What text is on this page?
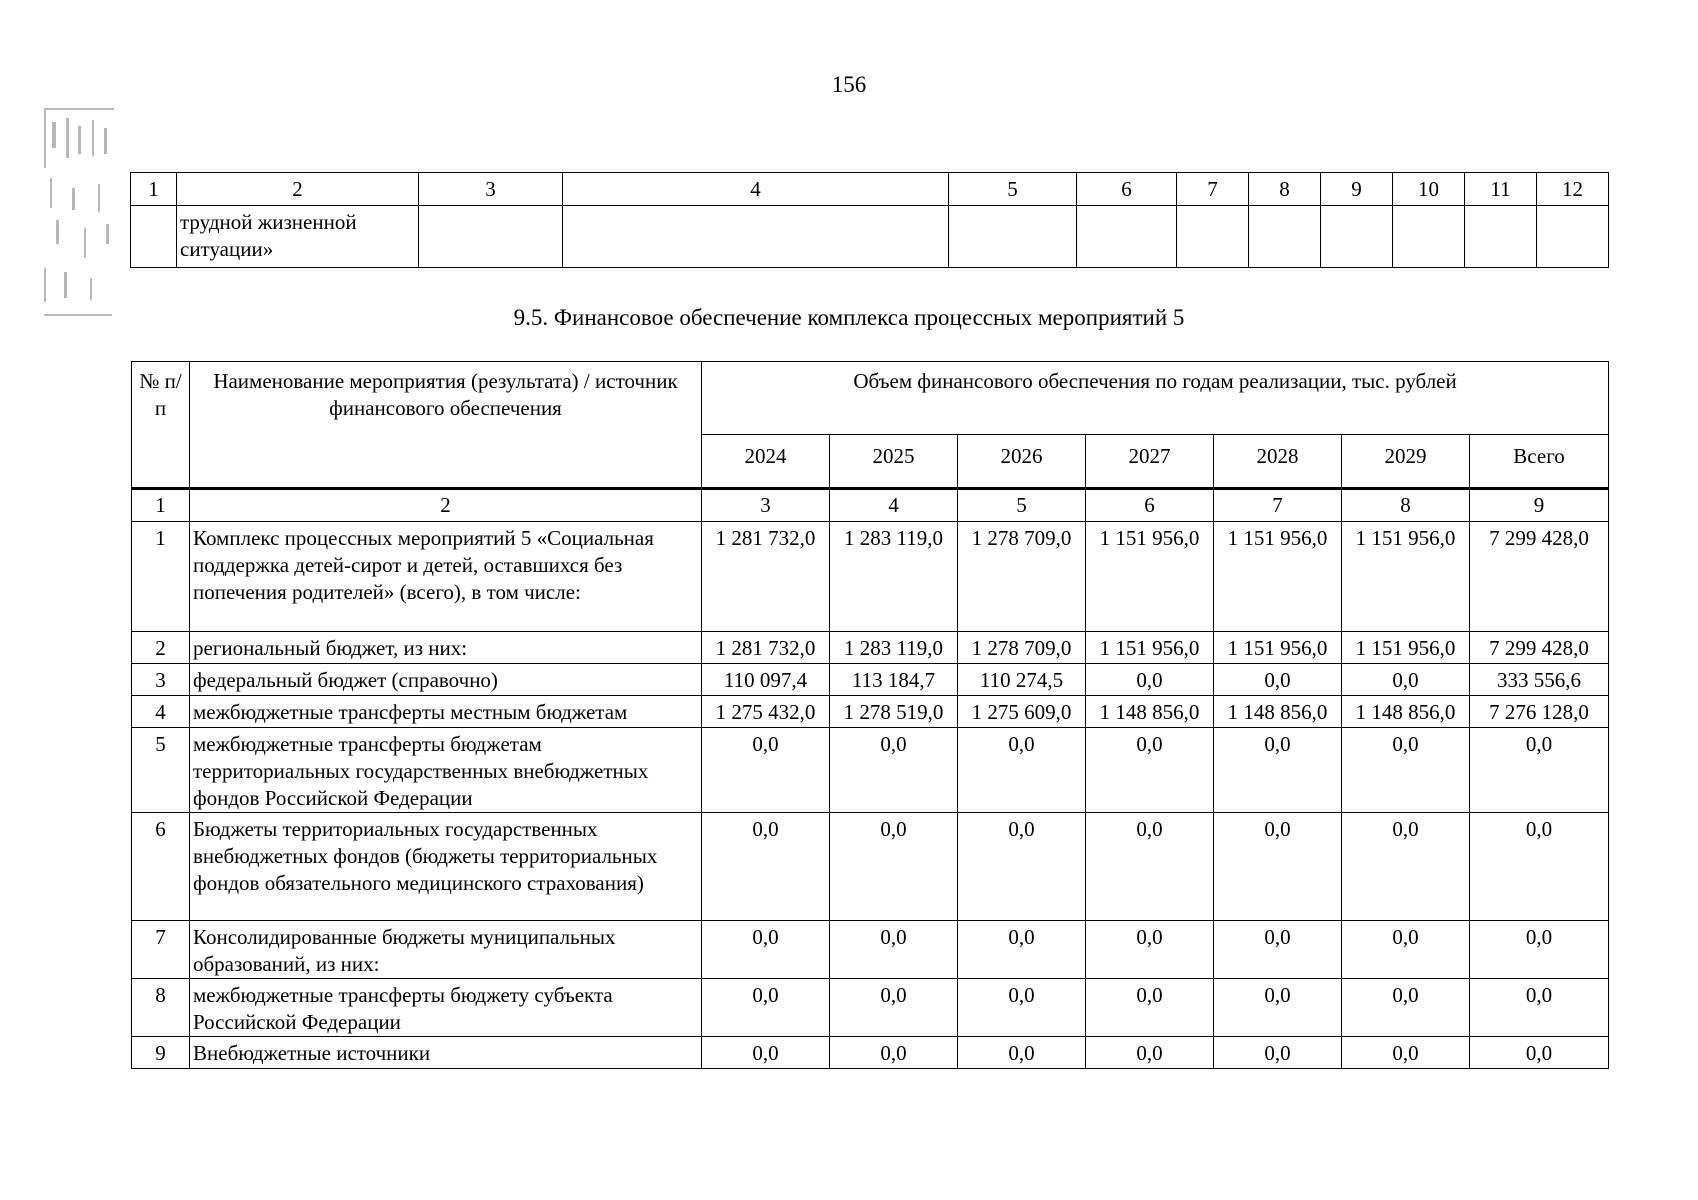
156
1	2	3	4	5	6	7	8	9	10	11	12
	трудной жизненной ситуации»										
9.5. Финансовое обеспечение комплекса процессных мероприятий 5
№ п/п	Наименование мероприятия (результата) / источник финансового обеспечения	Объем финансового обеспечения по годам реализации, тыс. рублей						
		2024	2025	2026	2027	2028	2029	Всего
1	2	3	4	5	6	7	8	9
1	Комплекс процессных мероприятий 5 «Социальная поддержка детей-сирот и детей, оставшихся без попечения родителей» (всего), в том числе:	1 281 732,0	1 283 119,0	1 278 709,0	1 151 956,0	1 151 956,0	1 151 956,0	7 299 428,0
2	региональный бюджет, из них:	1 281 732,0	1 283 119,0	1 278 709,0	1 151 956,0	1 151 956,0	1 151 956,0	7 299 428,0
3	федеральный бюджет (справочно)	110 097,4	113 184,7	110 274,5	0,0	0,0	0,0	333 556,6
4	межбюджетные трансферты местным бюджетам	1 275 432,0	1 278 519,0	1 275 609,0	1 148 856,0	1 148 856,0	1 148 856,0	7 276 128,0
5	межбюджетные трансферты бюджетам территориальных государственных внебюджетных фондов Российской Федерации	0,0	0,0	0,0	0,0	0,0	0,0	0,0
6	Бюджеты территориальных государственных внебюджетных фондов (бюджеты территориальных фондов обязательного медицинского страхования)	0,0	0,0	0,0	0,0	0,0	0,0	0,0
7	Консолидированные бюджеты муниципальных образований, из них:	0,0	0,0	0,0	0,0	0,0	0,0	0,0
8	межбюджетные трансферты бюджету субъекта Российской Федерации	0,0	0,0	0,0	0,0	0,0	0,0	0,0
9	Внебюджетные источники	0,0	0,0	0,0	0,0	0,0	0,0	0,0
